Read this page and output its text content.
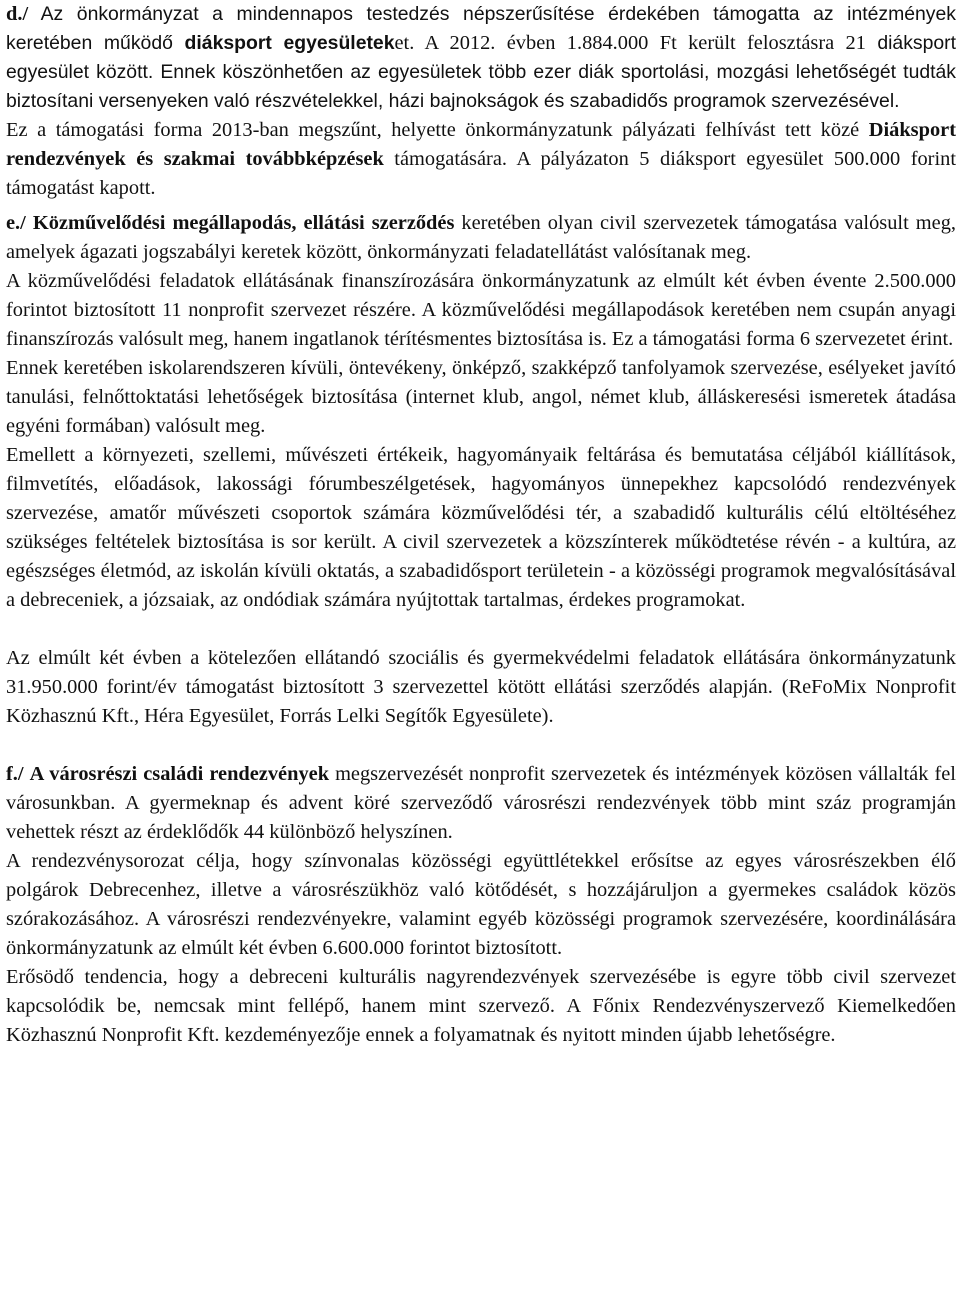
d./ Az önkormányzat a mindennapos testedzés népszerűsítése érdekében támogatta az intézmények keretében működő diáksport egyesületeket. A 2012. évben 1.884.000 Ft került felosztásra 21 diáksport egyesület között. Ennek köszönhetően az egyesületek több ezer diák sportolási, mozgási lehetőségét tudták biztosítani versenyeken való részvételekkel, házi bajnokságok és szabadidős programok szervezésével.

Ez a támogatási forma 2013-ban megszűnt, helyette önkormányzatunk pályázati felhívást tett közé Diáksport rendezvények és szakmai továbbképzések támogatására. A pályázaton 5 diáksport egyesület 500.000 forint támogatást kapott.

e./ Közművelődési megállapodás, ellátási szerződés keretében olyan civil szervezetek támogatása valósult meg, amelyek ágazati jogszabályi keretek között, önkormányzati feladatellátást valósítanak meg.

A közművelődési feladatok ellátásának finanszírozására önkormányzatunk az elmúlt két évben évente 2.500.000 forintot biztosított 11 nonprofit szervezet részére. A közművelődési megállapodások keretében nem csupán anyagi finanszírozás valósult meg, hanem ingatlanok térítésmentes biztosítása is. Ez a támogatási forma 6 szervezetet érint.

Ennek keretében iskolarendszeren kívüli, öntevékeny, önképző, szakképző tanfolyamok szervezése, esélyeket javító tanulási, felnőttoktatási lehetőségek biztosítása (internet klub, angol, német klub, álláskeresési ismeretek átadása egyéni formában) valósult meg.

Emellett a környezeti, szellemi, művészeti értékeik, hagyományaik feltárása és bemutatása céljából kiállítások, filmvetítés, előadások, lakossági fórumbeszélgetések, hagyományos ünnepekhez kapcsolódó rendezvények szervezése, amatőr művészeti csoportok számára közművelődési tér, a szabadidő kulturális célú eltöltéséhez szükséges feltételek biztosítása is sor került. A civil szervezetek a közszínterek működtetése révén - a kultúra, az egészséges életmód, az iskolán kívüli oktatás, a szabadidősport területein - a közösségi programok megvalósításával a debreceniek, a józsaiak, az ondódiak számára nyújtottak tartalmas, érdekes programokat.

Az elmúlt két évben a kötelezően ellátandó szociális és gyermekvédelmi feladatok ellátására önkormányzatunk 31.950.000 forint/év támogatást biztosított 3 szervezettel kötött ellátási szerződés alapján. (ReFoMix Nonprofit Közhasznú Kft., Héra Egyesület, Forrás Lelki Segítők Egyesülete).

f./ A városrészi családi rendezvények megszervezését nonprofit szervezetek és intézmények közösen vállalták fel városunkban. A gyermeknap és advent köré szerveződő városrészi rendezvények több mint száz programján vehettek részt az érdeklődők 44 különböző helyszínen.

A rendezvénysorozat célja, hogy színvonalas közösségi együttlétekkel erősítse az egyes városrészekben élő polgárok Debrecenhez, illetve a városrészükhöz való kötődését, s hozzájáruljon a gyermekes családok közös szórakozásához. A városrészi rendezvényekre, valamint egyéb közösségi programok szervezésére, koordinálására önkormányzatunk az elmúlt két évben 6.600.000 forintot biztosított.

Erősödő tendencia, hogy a debreceni kulturális nagyrendezvények szervezésébe is egyre több civil szervezet kapcsolódik be, nemcsak mint fellépő, hanem mint szervező. A Főnix Rendezvényszervező Kiemelkedően Közhasznú Nonprofit Kft. kezdeményezője ennek a folyamatnak és nyitott minden újabb lehetőségre.
